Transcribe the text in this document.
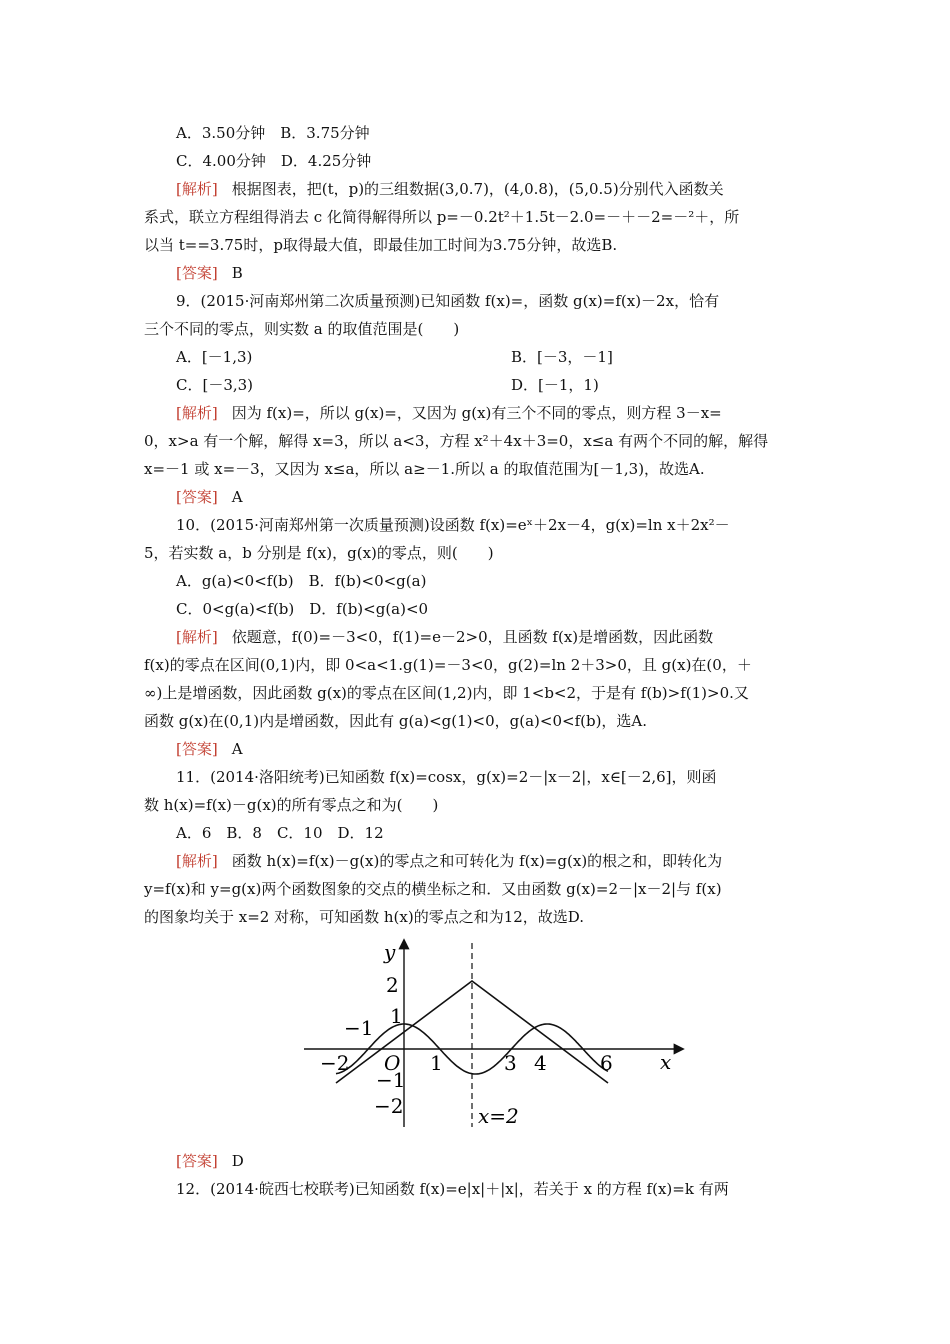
A．3.50分钟　B．3.75分钟
C．4.00分钟　D．4.25分钟
[解析] 根据图表，把(t，p)的三组数据(3,0.7)，(4,0.8)，(5,0.5)分别代入函数关
系式，联立方程组得消去 c 化简得解得所以 p=－0.2t²＋1.5t－2.0=－＋－2=－²＋，所
以当 t==3.75时，p取得最大值，即最佳加工时间为3.75分钟，故选B.
[答案] B
9．(2015·河南郑州第二次质量预测)已知函数 f(x)=，函数 g(x)=f(x)－2x，恰有
三个不同的零点，则实数 a 的取值范围是(　　)
A．[－1,3)	B．[－3，－1]
C．[－3,3)	D．[－1，1)
[解析] 因为 f(x)=，所以 g(x)=，又因为 g(x)有三个不同的零点，则方程 3－x=
0，x>a 有一个解，解得 x=3，所以 a<3，方程 x²＋4x＋3=0，x≤a 有两个不同的解，解得
x=－1 或 x=－3，又因为 x≤a，所以 a≥－1.所以 a 的取值范围为[－1,3)，故选A.
[答案] A
10．(2015·河南郑州第一次质量预测)设函数 f(x)=eˣ＋2x－4，g(x)=ln x＋2x²－
5，若实数 a，b 分别是 f(x)，g(x)的零点，则(　　)
A．g(a)<0<f(b)　B．f(b)<0<g(a)
C．0<g(a)<f(b)　D．f(b)<g(a)<0
[解析] 依题意，f(0)=－3<0，f(1)=e－2>0，且函数 f(x)是增函数，因此函数
f(x)的零点在区间(0,1)内，即 0<a<1.g(1)=－3<0，g(2)=ln 2＋3>0，且 g(x)在(0，＋
∞)上是增函数，因此函数 g(x)的零点在区间(1,2)内，即 1<b<2，于是有 f(b)>f(1)>0.又
函数 g(x)在(0,1)内是增函数，因此有 g(a)<g(1)<0，g(a)<0<f(b)，选A.
[答案] A
11．(2014·洛阳统考)已知函数 f(x)=cosx，g(x)=2－|x－2|，x∈[－2,6]，则函
数 h(x)=f(x)－g(x)的所有零点之和为(　　)
A．6　B．8　C．10　D．12
[解析] 函数 h(x)=f(x)－g(x)的零点之和可转化为 f(x)=g(x)的根之和，即转化为
y=f(x)和 y=g(x)两个函数图象的交点的横坐标之和．又由函数 g(x)=2－|x－2|与 f(x)
的图象均关于 x=2 对称，可知函数 h(x)的零点之和为12，故选D.
y
x
O
−2
−1
1	3 4	6
2
1
−1
−2	x=2
[答案] D
12．(2014·皖西七校联考)已知函数 f(x)=e|x|＋|x|，若关于 x 的方程 f(x)=k 有两
